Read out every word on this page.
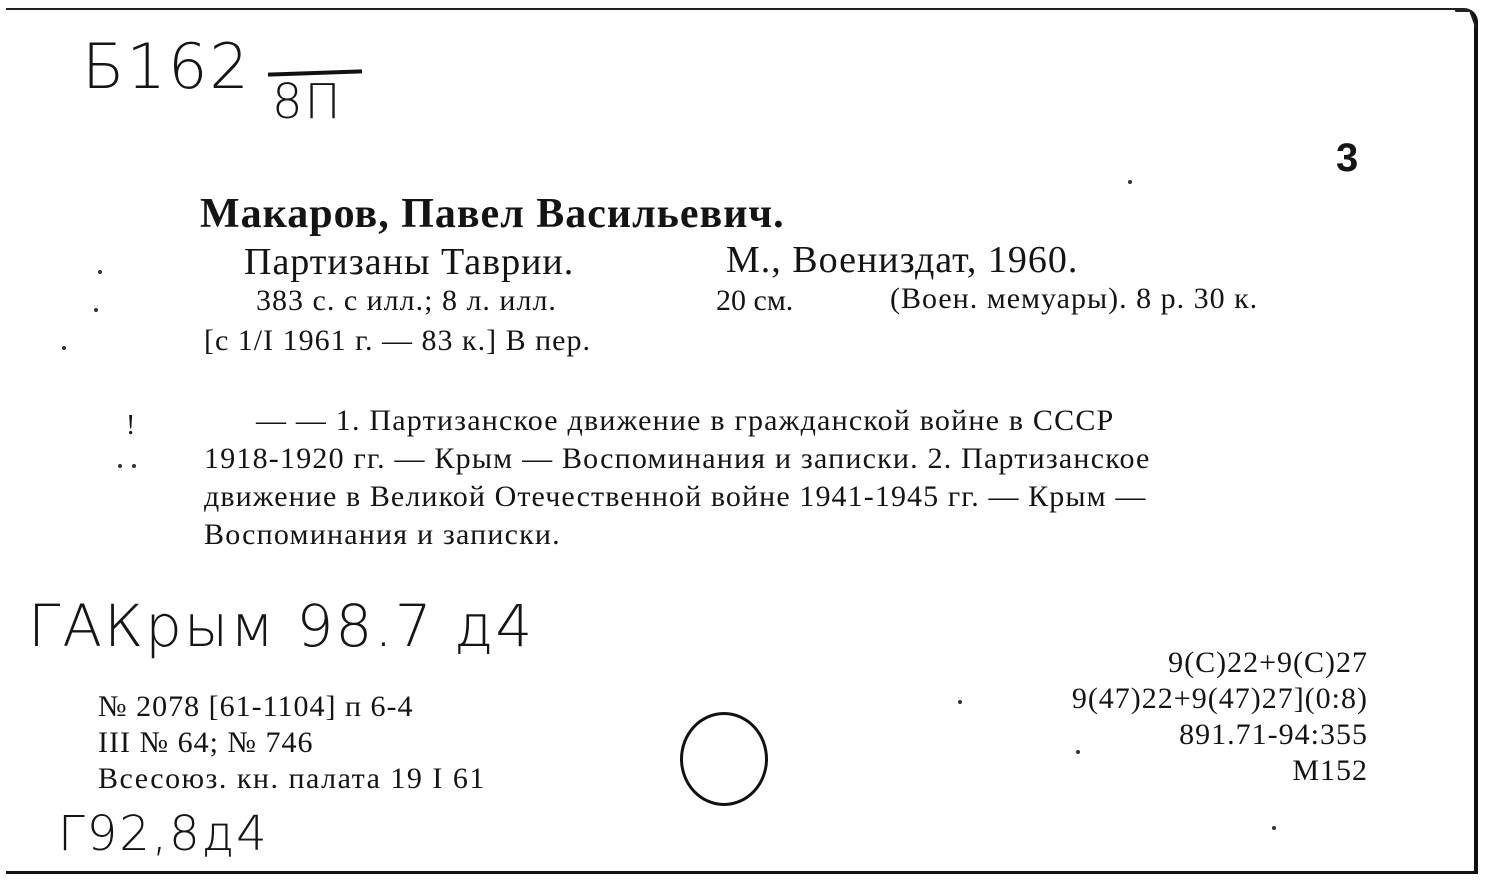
Б162 8П
3
Макаров, Павел Васильевич.
Партизаны Таврии.	М., Воениздат, 1960.
383 с. с илл.; 8 л. илл.	20 см.	(Воен. мемуары). 8 р. 30 к.
[с 1/I 1961 г. — 83 к.] В пер.
!	— — 1. Партизанское движение в гражданской войне в СССР
1918-1920 гг. — Крым — Воспоминания и записки. 2. Партизанское
движение в Великой Отечественной войне 1941-1945 гг. — Крым —
Воспоминания и записки.
ГАКрым 98.7 д4
№ 2078 [61-1104] п 6-4
III № 64; № 746
Всесоюз. кн. палата 19 I 61
Г92,8д4
9(С)22+9(С)27
9(47)22+9(47)27](0:8)
891.71-94:355
М152
